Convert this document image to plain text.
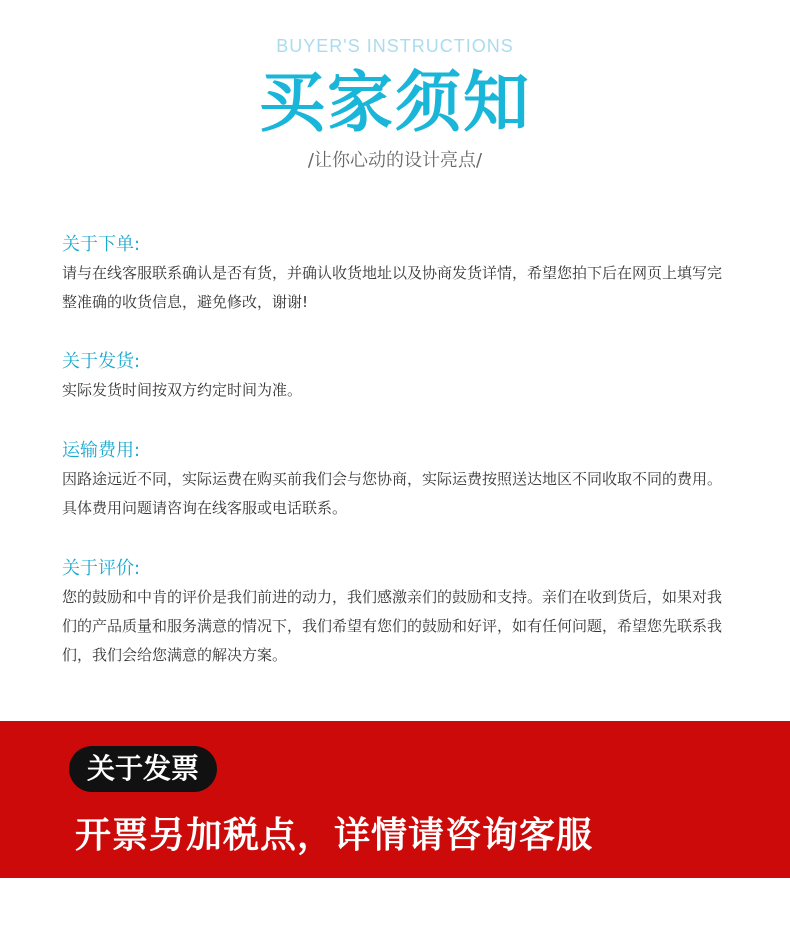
BUYER'S INSTRUCTIONS
买家须知
/让你心动的设计亮点/
关于下单:
请与在线客服联系确认是否有货，并确认收货地址以及协商发货详情，希望您拍下后在网页上填写完整准确的收货信息，避免修改，谢谢!
关于发货:
实际发货时间按双方约定时间为准。
运输费用:
因路途远近不同，实际运费在购买前我们会与您协商，实际运费按照送达地区不同收取不同的费用。具体费用问题请咨询在线客服或电话联系。
关于评价:
您的鼓励和中肯的评价是我们前进的动力，我们感激亲们的鼓励和支持。亲们在收到货后，如果对我们的产品质量和服务满意的情况下，我们希望有您们的鼓励和好评，如有任何问题，希望您先联系我们，我们会给您满意的解决方案。
关于发票
开票另加税点，详情请咨询客服
